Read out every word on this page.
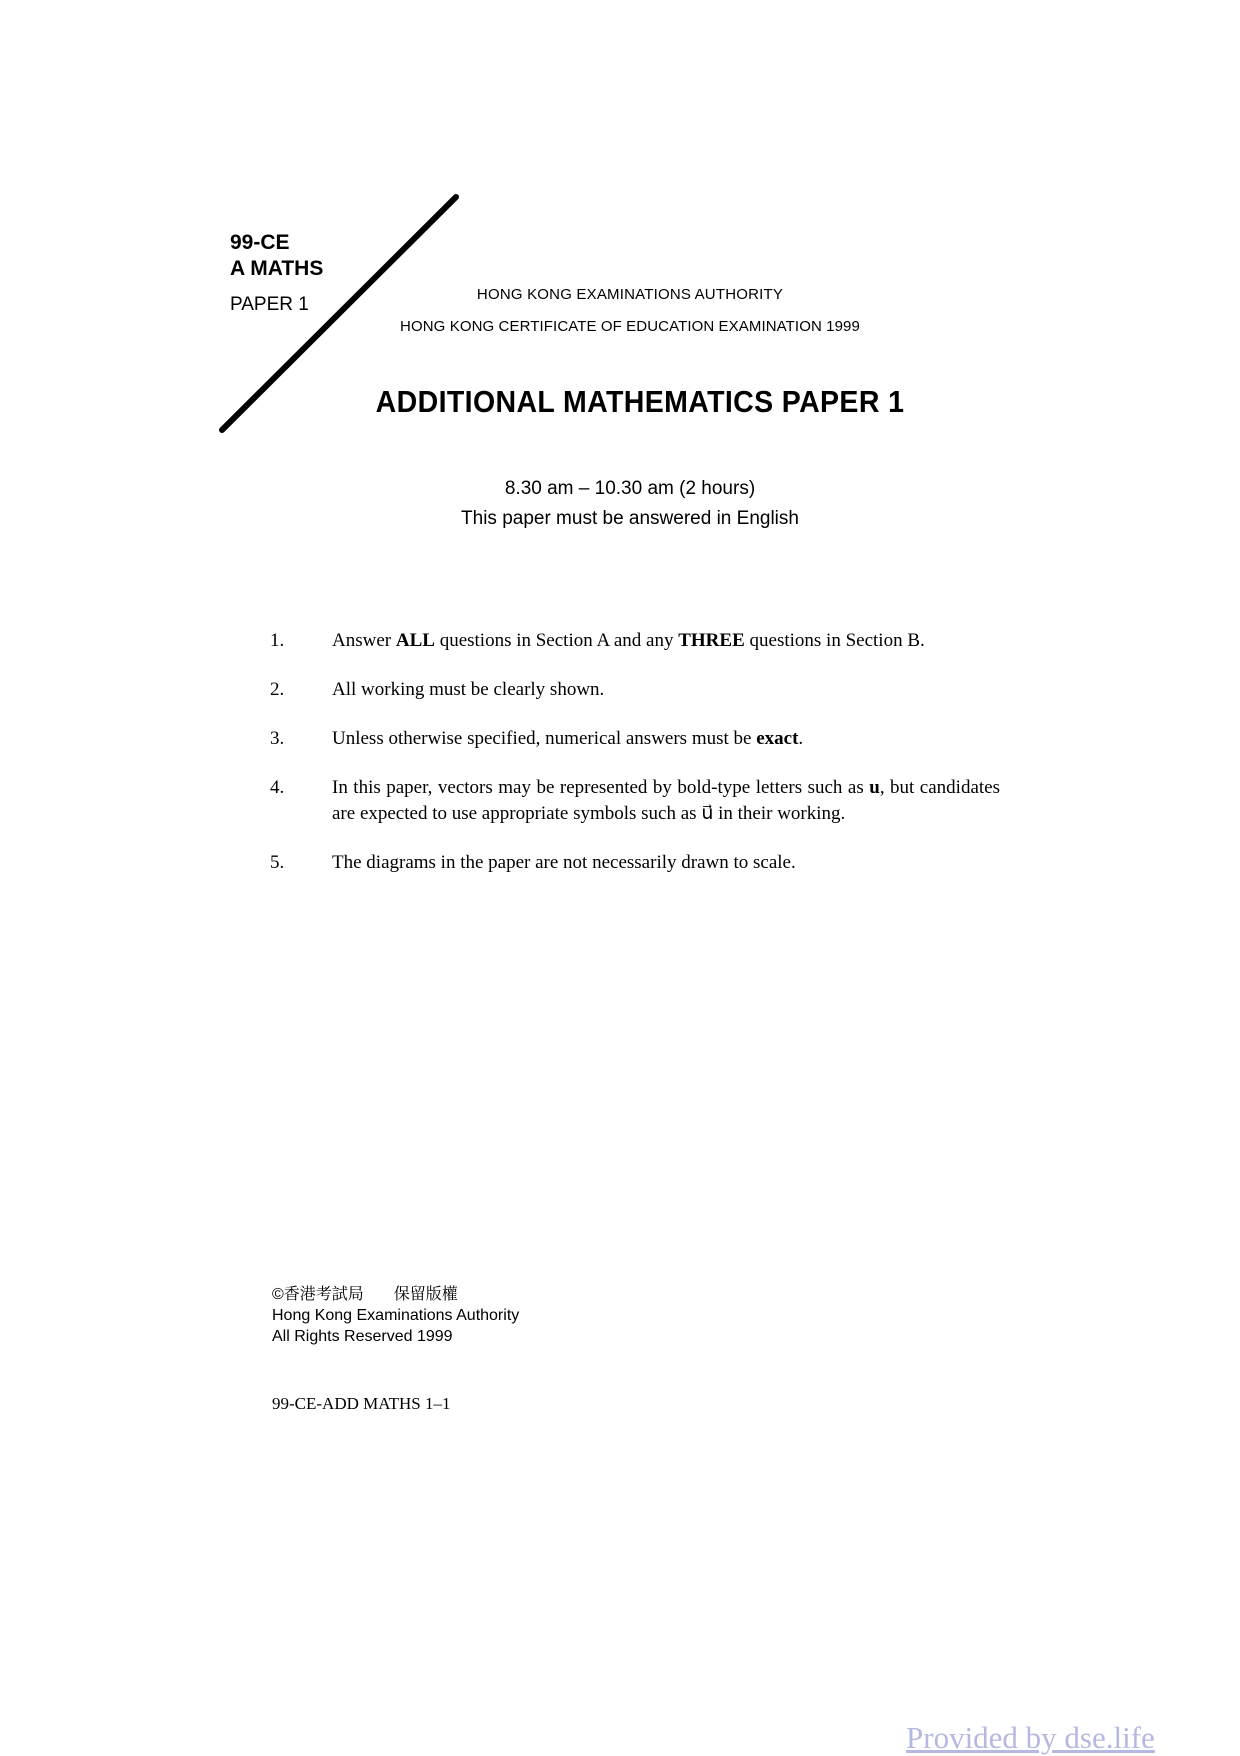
99-CE
A MATHS
PAPER 1	HONG KONG EXAMINATIONS AUTHORITY
HONG KONG CERTIFICATE OF EDUCATION EXAMINATION 1999
ADDITIONAL MATHEMATICS PAPER 1
8.30 am – 10.30 am (2 hours)
This paper must be answered in English
1.	Answer ALL questions in Section A and any THREE questions in Section B.
2.	All working must be clearly shown.
3.	Unless otherwise specified, numerical answers must be exact.
4.	In this paper, vectors may be represented by bold-type letters such as u, but candidates are expected to use appropriate symbols such as u⃗ in their working.
5.	The diagrams in the paper are not necessarily drawn to scale.
©香港考試局 保留版權
Hong Kong Examinations Authority
All Rights Reserved 1999
99-CE-ADD MATHS 1–1
Provided by dse.life
